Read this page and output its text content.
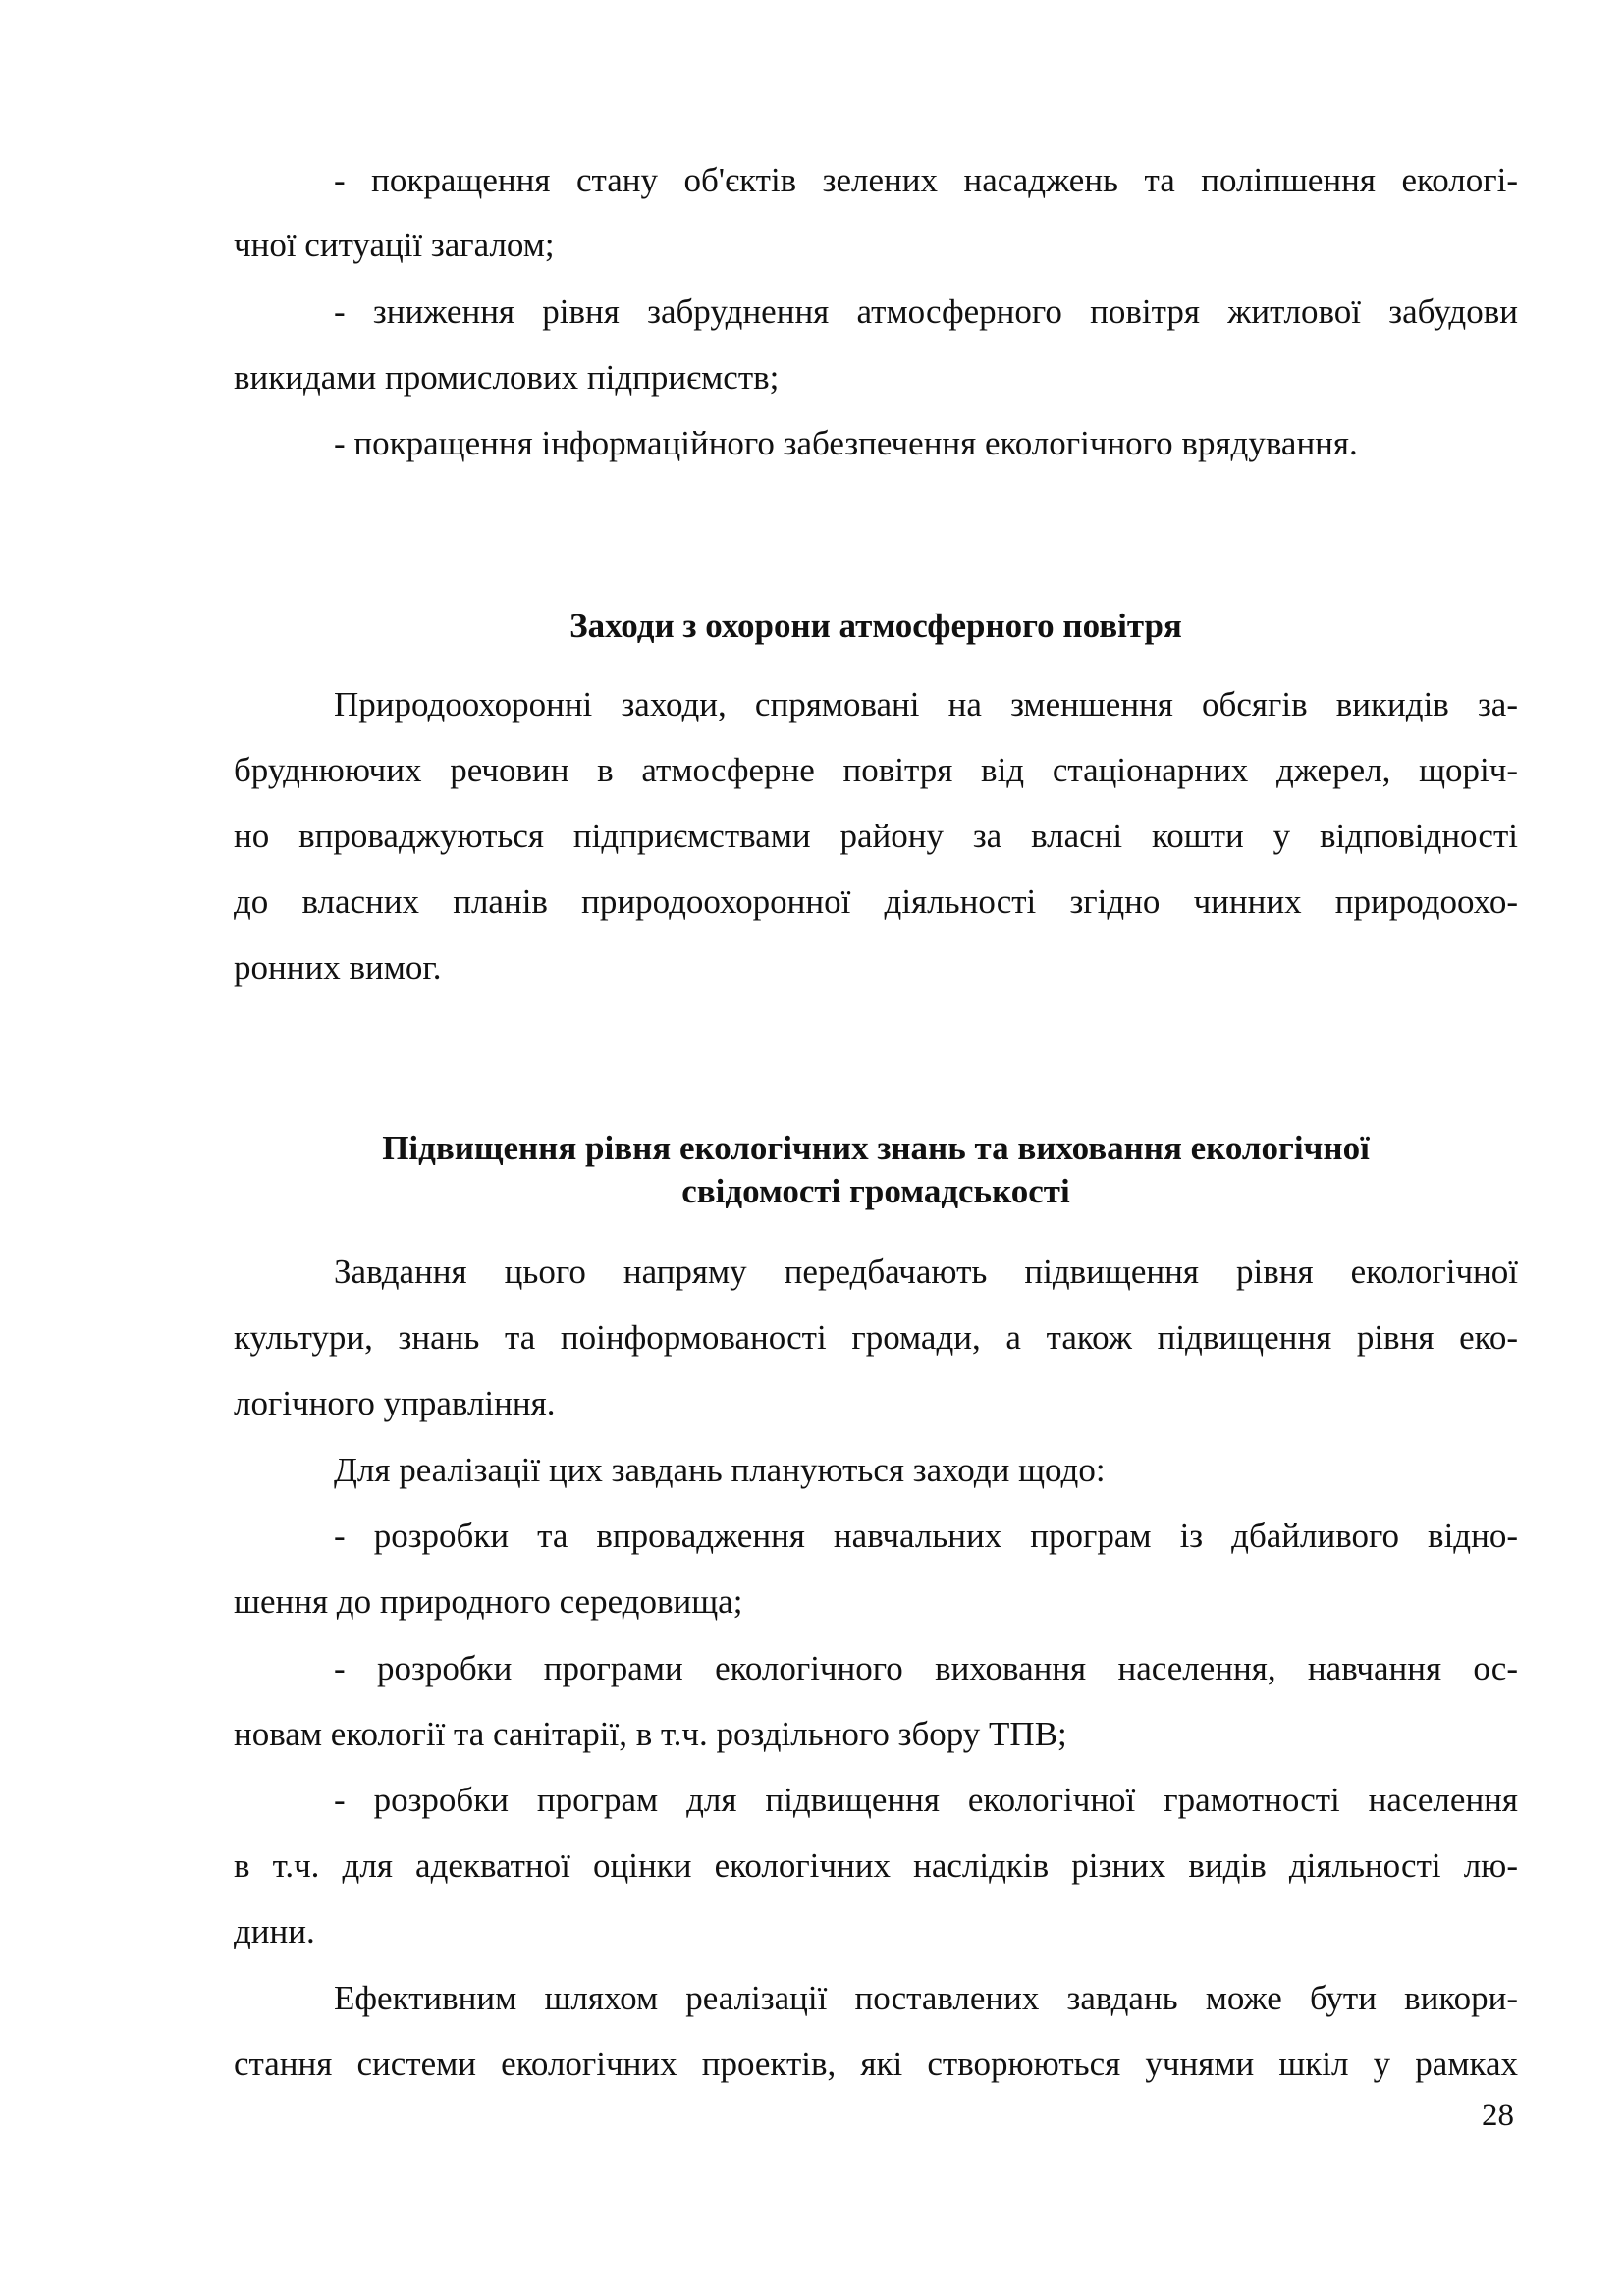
- покращення стану об'єктів зелених насаджень та поліпшення екологі-
чної ситуації загалом;
- зниження рівня забруднення атмосферного повітря житлової забудови
викидами промислових підприємств;
- покращення інформаційного забезпечення екологічного врядування.
Заходи з охорони атмосферного повітря
Природоохоронні заходи, спрямовані на зменшення обсягів викидів за-
бруднюючих речовин в атмосферне повітря від стаціонарних джерел, щоріч-
но впроваджуються підприємствами району за власні кошти у відповідності
до власних планів природоохоронної діяльності згідно чинних природоохо-
ронних вимог.
Підвищення рівня екологічних знань та виховання екологічної
свідомості громадськості
Завдання цього напряму передбачають підвищення рівня екологічної
культури, знань та поінформованості громади, а також підвищення рівня еко-
логічного управління.
Для реалізації цих завдань плануються заходи щодо:
- розробки та впровадження навчальних програм із дбайливого відно-
шення до природного середовища;
- розробки програми екологічного виховання населення, навчання ос-
новам екології та санітарії, в т.ч. роздільного збору ТПВ;
- розробки програм для підвищення екологічної грамотності населення
в т.ч. для адекватної оцінки екологічних наслідків різних видів діяльності лю-
дини.
Ефективним шляхом реалізації поставлених завдань може бути викори-
стання системи екологічних проектів, які створюються учнями шкіл у рамках
28
